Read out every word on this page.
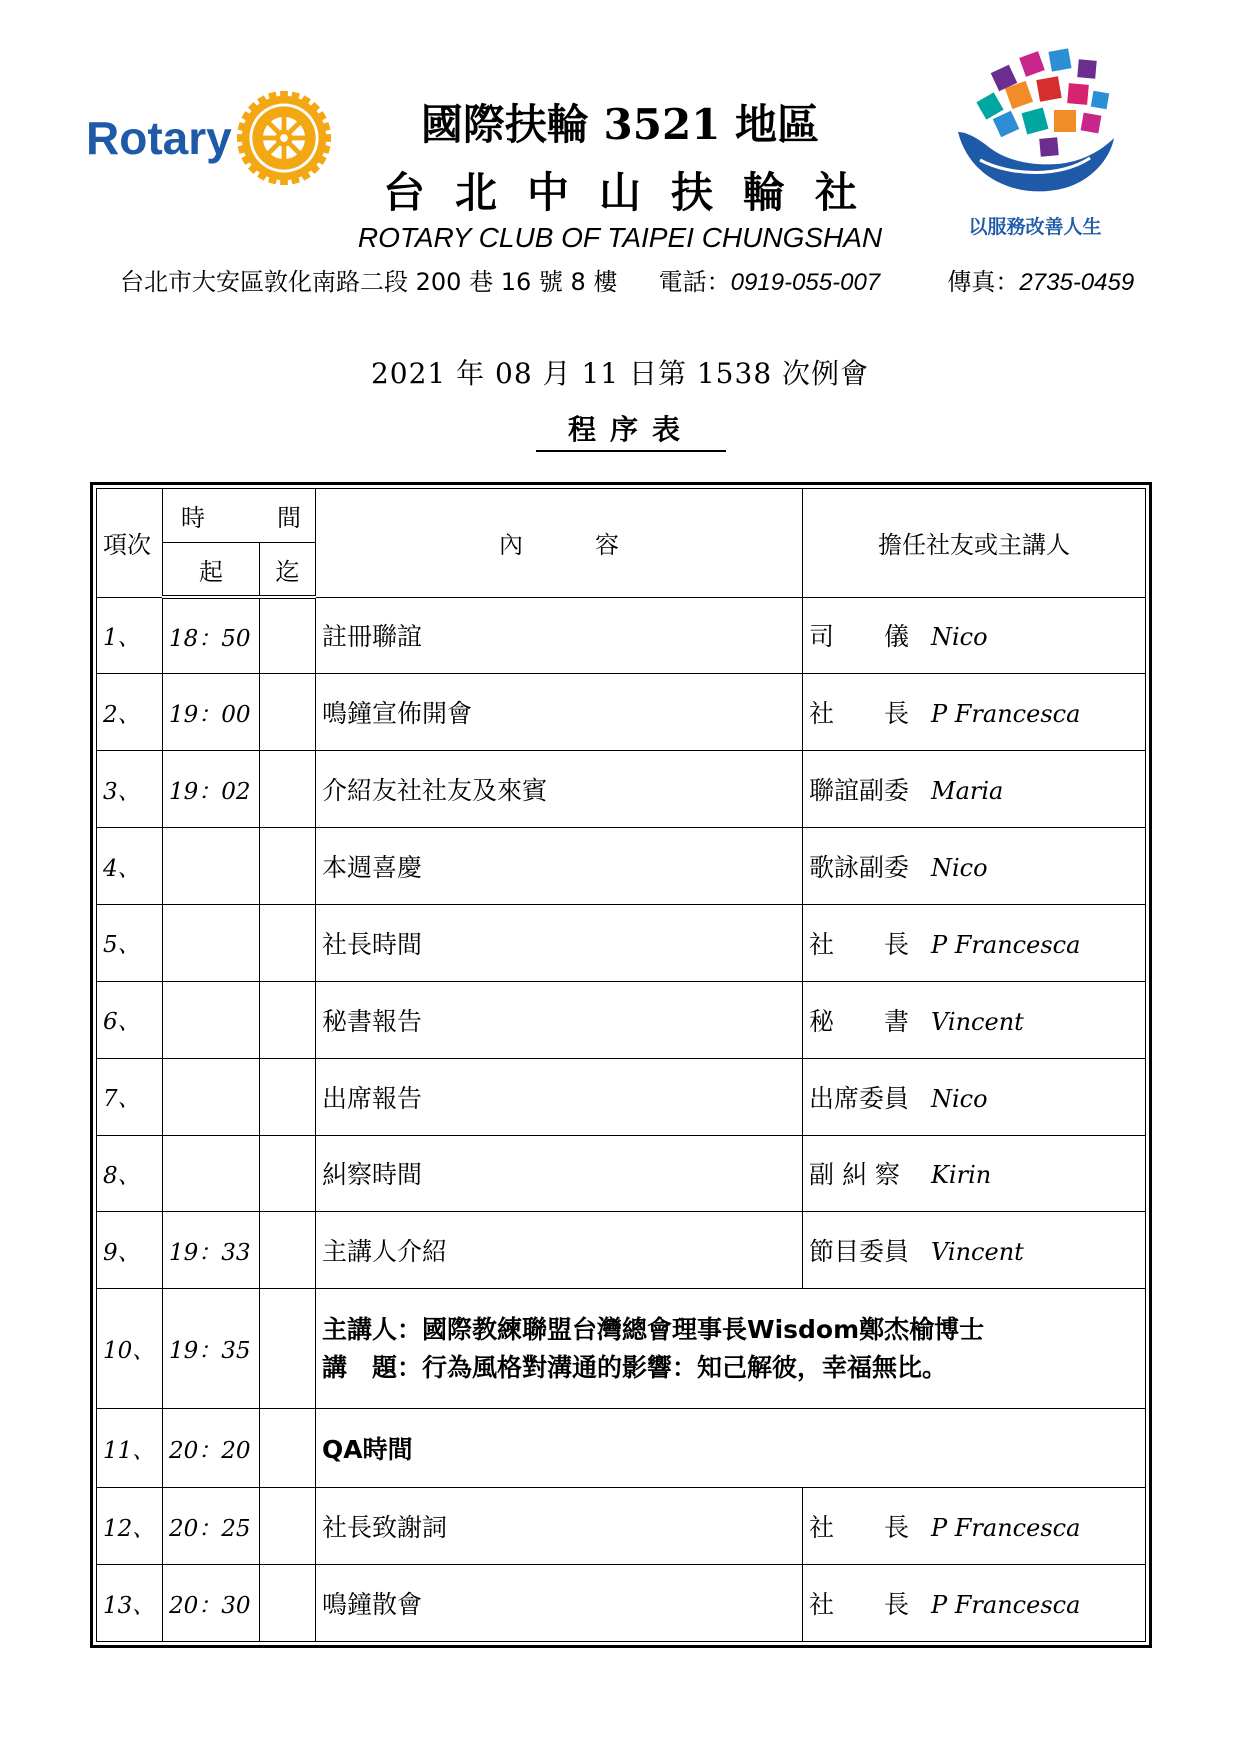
Rotary	國際扶輪 3521 地區
台北中山扶輪社
ROTARY CLUB OF TAIPEI CHUNGSHAN
台北市大安區敦化南路二段 200 巷 16 號 8 樓 電話：0919-055-007	傳真：2735-0459
以服務改善人生
2021 年 08 月 11 日第 1538 次例會
程序表
項次	時　　　間		內　　　容	擔任社友或主講人
	起	迄		
1、	18：50		註冊聯誼	司　　儀 Nico
2、	19：00		鳴鐘宣佈開會	社　　長 P Francesca
3、	19：02		介紹友社社友及來賓	聯誼副委 Maria
4、			本週喜慶	歌詠副委 Nico
5、			社長時間	社　　長 P Francesca
6、			秘書報告	秘　　書 Vincent
7、			出席報告	出席委員 Nico
8、			糾察時間	副 糾 察 Kirin
9、	19：33		主講人介紹	節目委員 Vincent
10、	19：35		主講人：國際教練聯盟台灣總會理事長Wisdom鄭杰榆博士
講　題：行為風格對溝通的影響：知己解彼，幸福無比。	

11、	20：20		QA時間	
12、	20：25		社長致謝詞	社　　長 P Francesca
13、	20：30		鳴鐘散會	社　　長 P Francesca
